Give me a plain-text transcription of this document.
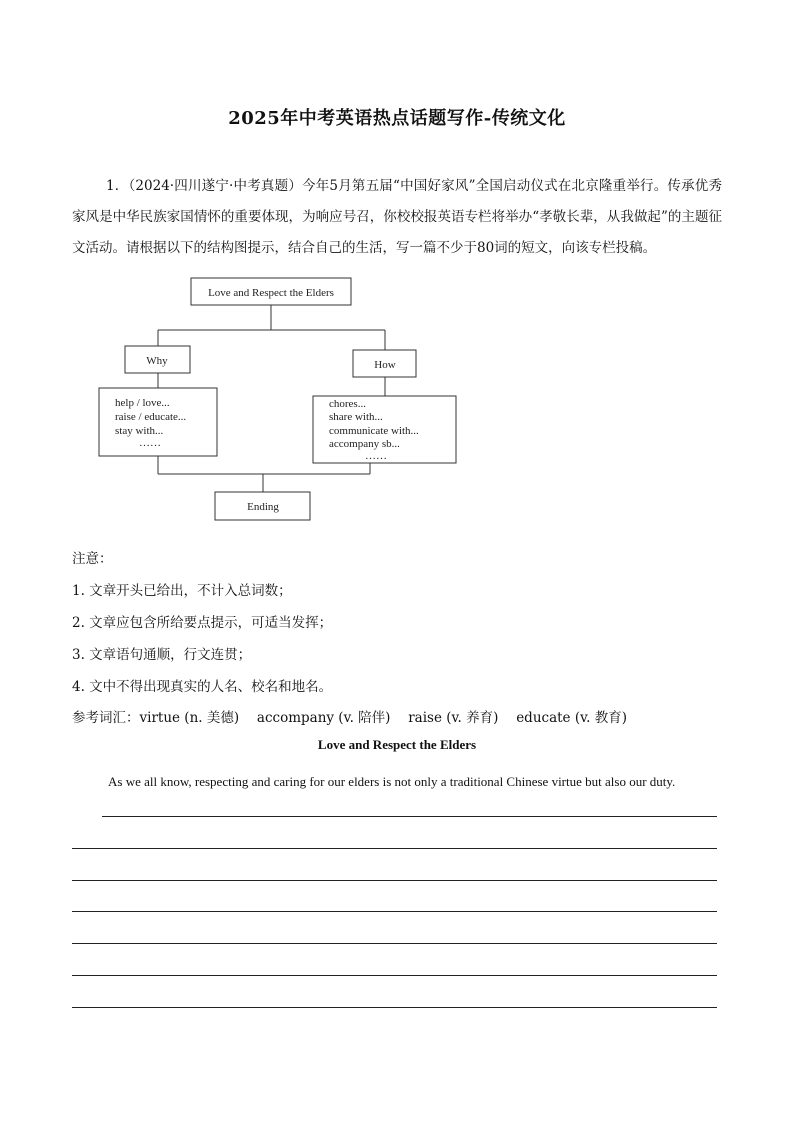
2025年中考英语热点话题写作-传统文化
1．（2024·四川遂宁·中考真题）今年5月第五届“中国好家风”全国启动仪式在北京隆重举行。传承优秀家风是中华民族家国情怀的重要体现，为响应号召，你校校报英语专栏将举办“孝敬长辈，从我做起”的主题征文活动。请根据以下的结构图提示，结合自己的生活，写一篇不少于80词的短文，向该专栏投稿。
Love and Respect the Elders
Why	How
help / love...
raise / educate...
stay with...
……
chores...
share with...
communicate with...
accompany sb...
……
Ending
注意：
1. 文章开头已给出，不计入总词数；
2. 文章应包含所给要点提示，可适当发挥；
3. 文章语句通顺，行文连贯；
4. 文中不得出现真实的人名、校名和地名。
参考词汇：virtue (n. 美德)　 accompany (v. 陪伴)　 raise (v. 养育)　 educate (v. 教育)
Love and Respect the Elders
As we all know, respecting and caring for our elders is not only a traditional Chinese virtue but also our duty.
